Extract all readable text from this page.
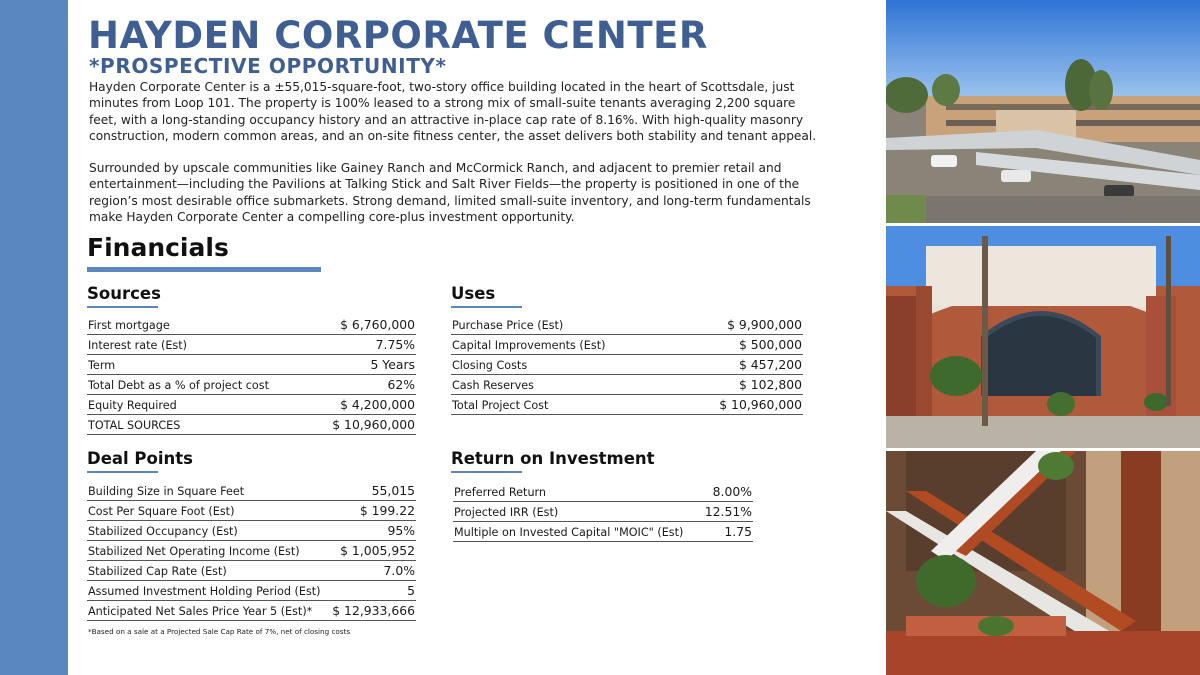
HAYDEN CORPORATE CENTER
*PROSPECTIVE OPPORTUNITY*

Hayden Corporate Center is a ±55,015-square-foot, two-story office building located in the heart of Scottsdale, just minutes from Loop 101. The property is 100% leased to a strong mix of small-suite tenants averaging 2,200 square feet, with a long-standing occupancy history and an attractive in-place cap rate of 8.16%. With high-quality masonry construction, modern common areas, and an on-site fitness center, the asset delivers both stability and tenant appeal.

Surrounded by upscale communities like Gainey Ranch and McCormick Ranch, and adjacent to premier retail and entertainment—including the Pavilions at Talking Stick and Salt River Fields—the property is positioned in one of the region’s most desirable office submarkets. Strong demand, limited small-suite inventory, and long-term fundamentals make Hayden Corporate Center a compelling core-plus investment opportunity.

Financials
Sources
First mortgage	$ 6,760,000
Interest rate (Est)	7.75%
Term	5 Years
Total Debt as a % of project cost	62%
Equity Required	$ 4,200,000
TOTAL SOURCES	$ 10,960,000
Uses
Purchase Price (Est)	$ 9,900,000
Capital Improvements (Est)	$ 500,000
Closing Costs	$ 457,200
Cash Reserves	$ 102,800
Total Project Cost	$ 10,960,000
Deal Points
Building Size in Square Feet	55,015
Cost Per Square Foot (Est)	$ 199.22
Stabilized Occupancy (Est)	95%
Stabilized Net Operating Income (Est)	$ 1,005,952
Stabilized Cap Rate (Est)	7.0%
Assumed Investment Holding Period (Est)	5
Anticipated Net Sales Price Year 5 (Est)*	$ 12,933,666
Return on Investment
Preferred Return	8.00%
Projected IRR (Est)	12.51%
Multiple on Invested Capital "MOIC" (Est)	1.75
*Based on a sale at a Projected Sale Cap Rate of 7%, net of closing costs
